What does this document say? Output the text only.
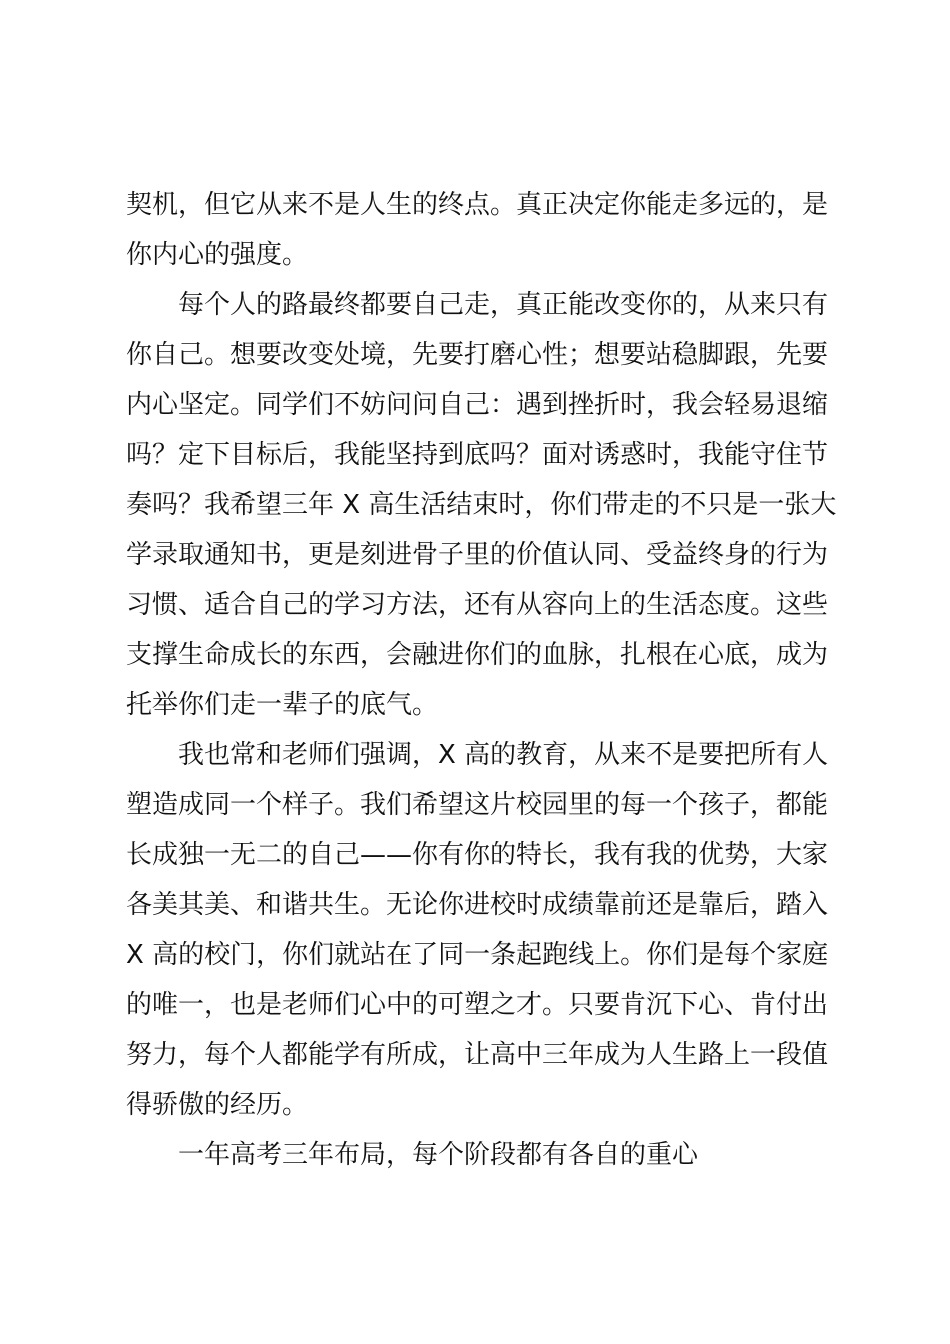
契机，但它从来不是人生的终点。真正决定你能走多远的，是
你内心的强度。
　　每个人的路最终都要自己走，真正能改变你的，从来只有
你自己。想要改变处境，先要打磨心性；想要站稳脚跟，先要
内心坚定。同学们不妨问问自己：遇到挫折时，我会轻易退缩
吗？定下目标后，我能坚持到底吗？面对诱惑时，我能守住节
奏吗？我希望三年 X 高生活结束时，你们带走的不只是一张大
学录取通知书，更是刻进骨子里的价值认同、受益终身的行为
习惯、适合自己的学习方法，还有从容向上的生活态度。这些
支撑生命成长的东西，会融进你们的血脉，扎根在心底，成为
托举你们走一辈子的底气。
　　我也常和老师们强调，X 高的教育，从来不是要把所有人
塑造成同一个样子。我们希望这片校园里的每一个孩子，都能
长成独一无二的自己——你有你的特长，我有我的优势，大家
各美其美、和谐共生。无论你进校时成绩靠前还是靠后，踏入
X 高的校门，你们就站在了同一条起跑线上。你们是每个家庭
的唯一，也是老师们心中的可塑之才。只要肯沉下心、肯付出
努力，每个人都能学有所成，让高中三年成为人生路上一段值
得骄傲的经历。
　　一年高考三年布局，每个阶段都有各自的重心
